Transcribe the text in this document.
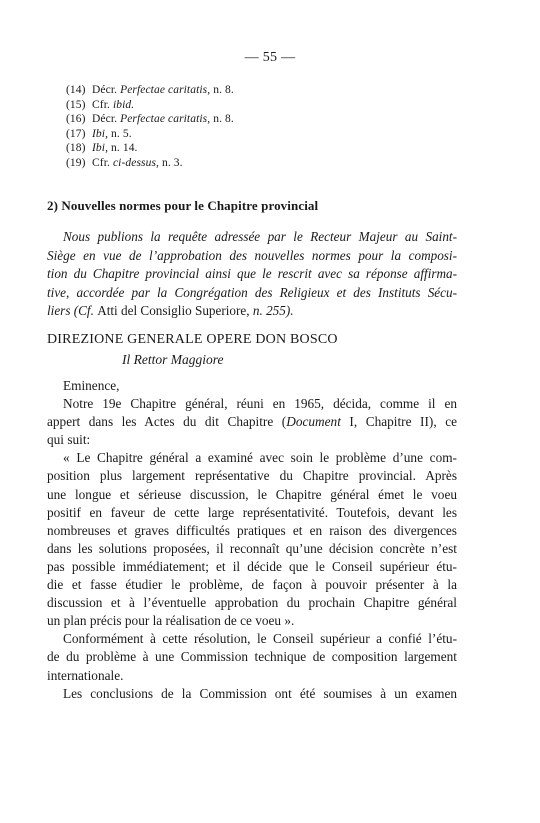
— 55 —
(14) Décr. Perfectae caritatis, n. 8.
(15) Cfr. ibid.
(16) Décr. Perfectae caritatis, n. 8.
(17) Ibi, n. 5.
(18) Ibi, n. 14.
(19) Cfr. ci-dessus, n. 3.
2) Nouvelles normes pour le Chapitre provincial
Nous publions la requête adressée par le Recteur Majeur au Saint-
Siège en vue de l’approbation des nouvelles normes pour la composi-
tion du Chapitre provincial ainsi que le rescrit avec sa réponse affirma-
tive, accordée par la Congrégation des Religieux et des Instituts Sécu-
liers (Cf. Atti del Consiglio Superiore, n. 255).
DIREZIONE GENERALE OPERE DON BOSCO
Il Rettor Maggiore
Eminence,
Notre 19e Chapitre général, réuni en 1965, décida, comme il en
appert dans les Actes du dit Chapitre (Document I, Chapitre II), ce
qui suit:
« Le Chapitre général a examiné avec soin le problème d’une com-
position plus largement représentative du Chapitre provincial. Après
une longue et sérieuse discussion, le Chapitre général émet le voeu
positif en faveur de cette large représentativité. Toutefois, devant les
nombreuses et graves difficultés pratiques et en raison des divergences
dans les solutions proposées, il reconnaît qu’une décision concrète n’est
pas possible immédiatement; et il décide que le Conseil supérieur étu-
die et fasse étudier le problème, de façon à pouvoir présenter à la
discussion et à l’éventuelle approbation du prochain Chapitre général
un plan précis pour la réalisation de ce voeu ».
Conformément à cette résolution, le Conseil supérieur a confié l’étu-
de du problème à une Commission technique de composition largement
internationale.
Les conclusions de la Commission ont été soumises à un examen
